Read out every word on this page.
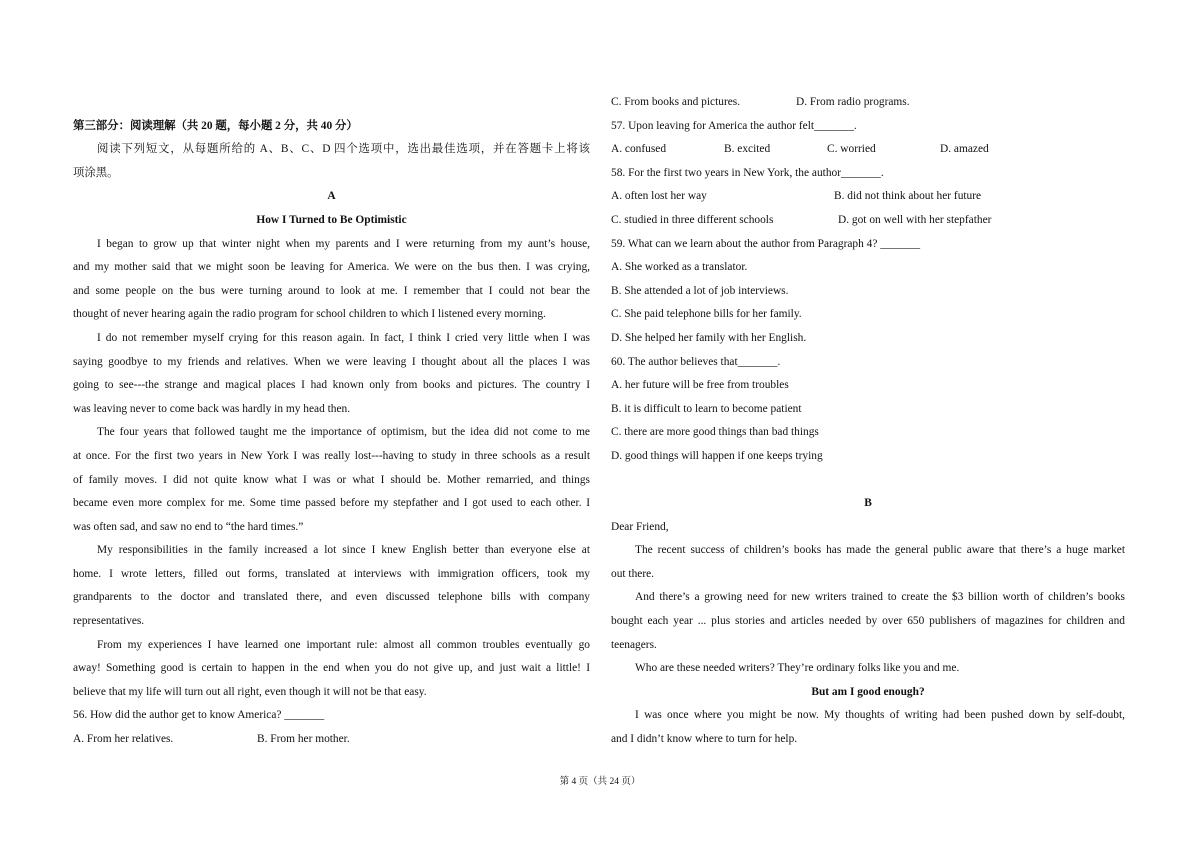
第三部分：阅读理解（共 20 题，每小题 2 分，共 40 分）
阅读下列短文，从每题所给的 A、B、C、D 四个选项中，选出最佳选项，并在答题卡上将该
项涂黑。
A
How I Turned to Be Optimistic
I began to grow up that winter night when my parents and I were returning from my aunt’s house,
and my mother said that we might soon be leaving for America. We were on the bus then. I was crying,
and some people on the bus were turning around to look at me. I remember that I could not bear the
thought of never hearing again the radio program for school children to which I listened every morning.
I do not remember myself crying for this reason again. In fact, I think I cried very little when I was
saying goodbye to my friends and relatives. When we were leaving I thought about all the places I was
going to see---the strange and magical places I had known only from books and pictures. The country I
was leaving never to come back was hardly in my head then.
The four years that followed taught me the importance of optimism, but the idea did not come to me
at once. For the first two years in New York I was really lost---having to study in three schools as a result
of family moves. I did not quite know what I was or what I should be. Mother remarried, and things
became even more complex for me. Some time passed before my stepfather and I got used to each other. I
was often sad, and saw no end to “the hard times.”
My responsibilities in the family increased a lot since I knew English better than everyone else at
home. I wrote letters, filled out forms, translated at interviews with immigration officers, took my
grandparents to the doctor and translated there, and even discussed telephone bills with company
representatives.
From my experiences I have learned one important rule: almost all common troubles eventually go
away! Something good is certain to happen in the end when you do not give up, and just wait a little! I
believe that my life will turn out all right, even though it will not be that easy.
56. How did the author get to know America? _______
A. From her relatives.	B. From her mother.
C. From books and pictures.	D. From radio programs.
57. Upon leaving for America the author felt_______.
A. confused	B. excited	C. worried	D. amazed
58. For the first two years in New York, the author_______.
A. often lost her way	B. did not think about her future
C. studied in three different schools	D. got on well with her stepfather
59. What can we learn about the author from Paragraph 4? _______
A. She worked as a translator.
B. She attended a lot of job interviews.
C. She paid telephone bills for her family.
D. She helped her family with her English.
60. The author believes that_______.
A. her future will be free from troubles
B. it is difficult to learn to become patient
C. there are more good things than bad things
D. good things will happen if one keeps trying
B
Dear Friend,
The recent success of children’s books has made the general public aware that there’s a huge market
out there.
And there’s a growing need for new writers trained to create the $3 billion worth of children’s books
bought each year ... plus stories and articles needed by over 650 publishers of magazines for children and
teenagers.
Who are these needed writers? They’re ordinary folks like you and me.
But am I good enough?
I was once where you might be now. My thoughts of writing had been pushed down by self-doubt,
and I didn’t know where to turn for help.
第 4 页（共 24 页）
